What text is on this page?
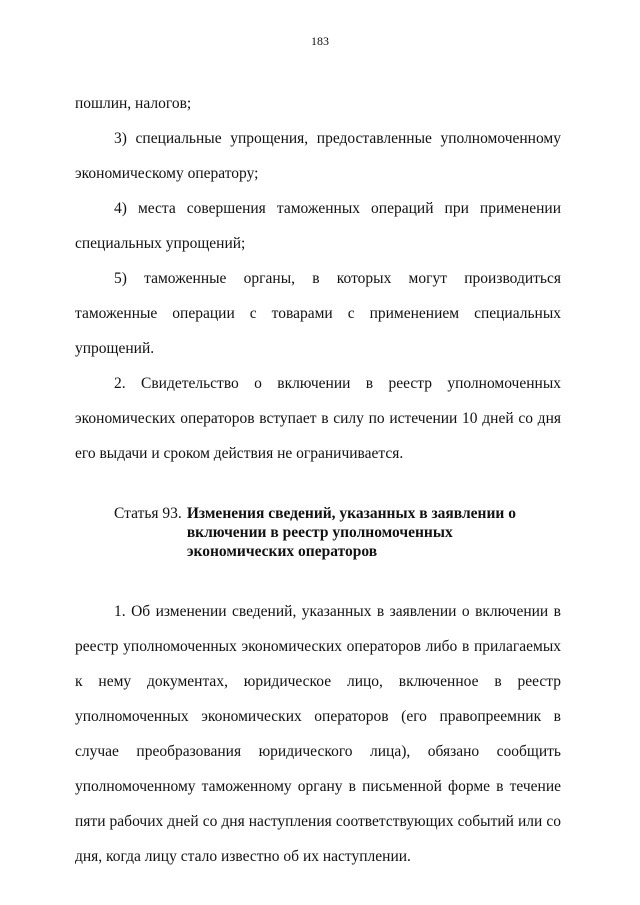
183

пошлин, налогов;

3) специальные упрощения, предоставленные уполномоченному экономическому оператору;

4) места совершения таможенных операций при применении специальных упрощений;

5) таможенные органы, в которых могут производиться таможенные операции с товарами с применением специальных упрощений.

2. Свидетельство о включении в реестр уполномоченных экономических операторов вступает в силу по истечении 10 дней со дня его выдачи и сроком действия не ограничивается.

Статья 93. Изменения сведений, указанных в заявлении о включении в реестр уполномоченных экономических операторов

1. Об изменении сведений, указанных в заявлении о включении в реестр уполномоченных экономических операторов либо в прилагаемых к нему документах, юридическое лицо, включенное в реестр уполномоченных экономических операторов (его правопреемник в случае преобразования юридического лица), обязано сообщить уполномоченному таможенному органу в письменной форме в течение пяти рабочих дней со дня наступления соответствующих событий или со дня, когда лицу стало известно об их наступлении.
